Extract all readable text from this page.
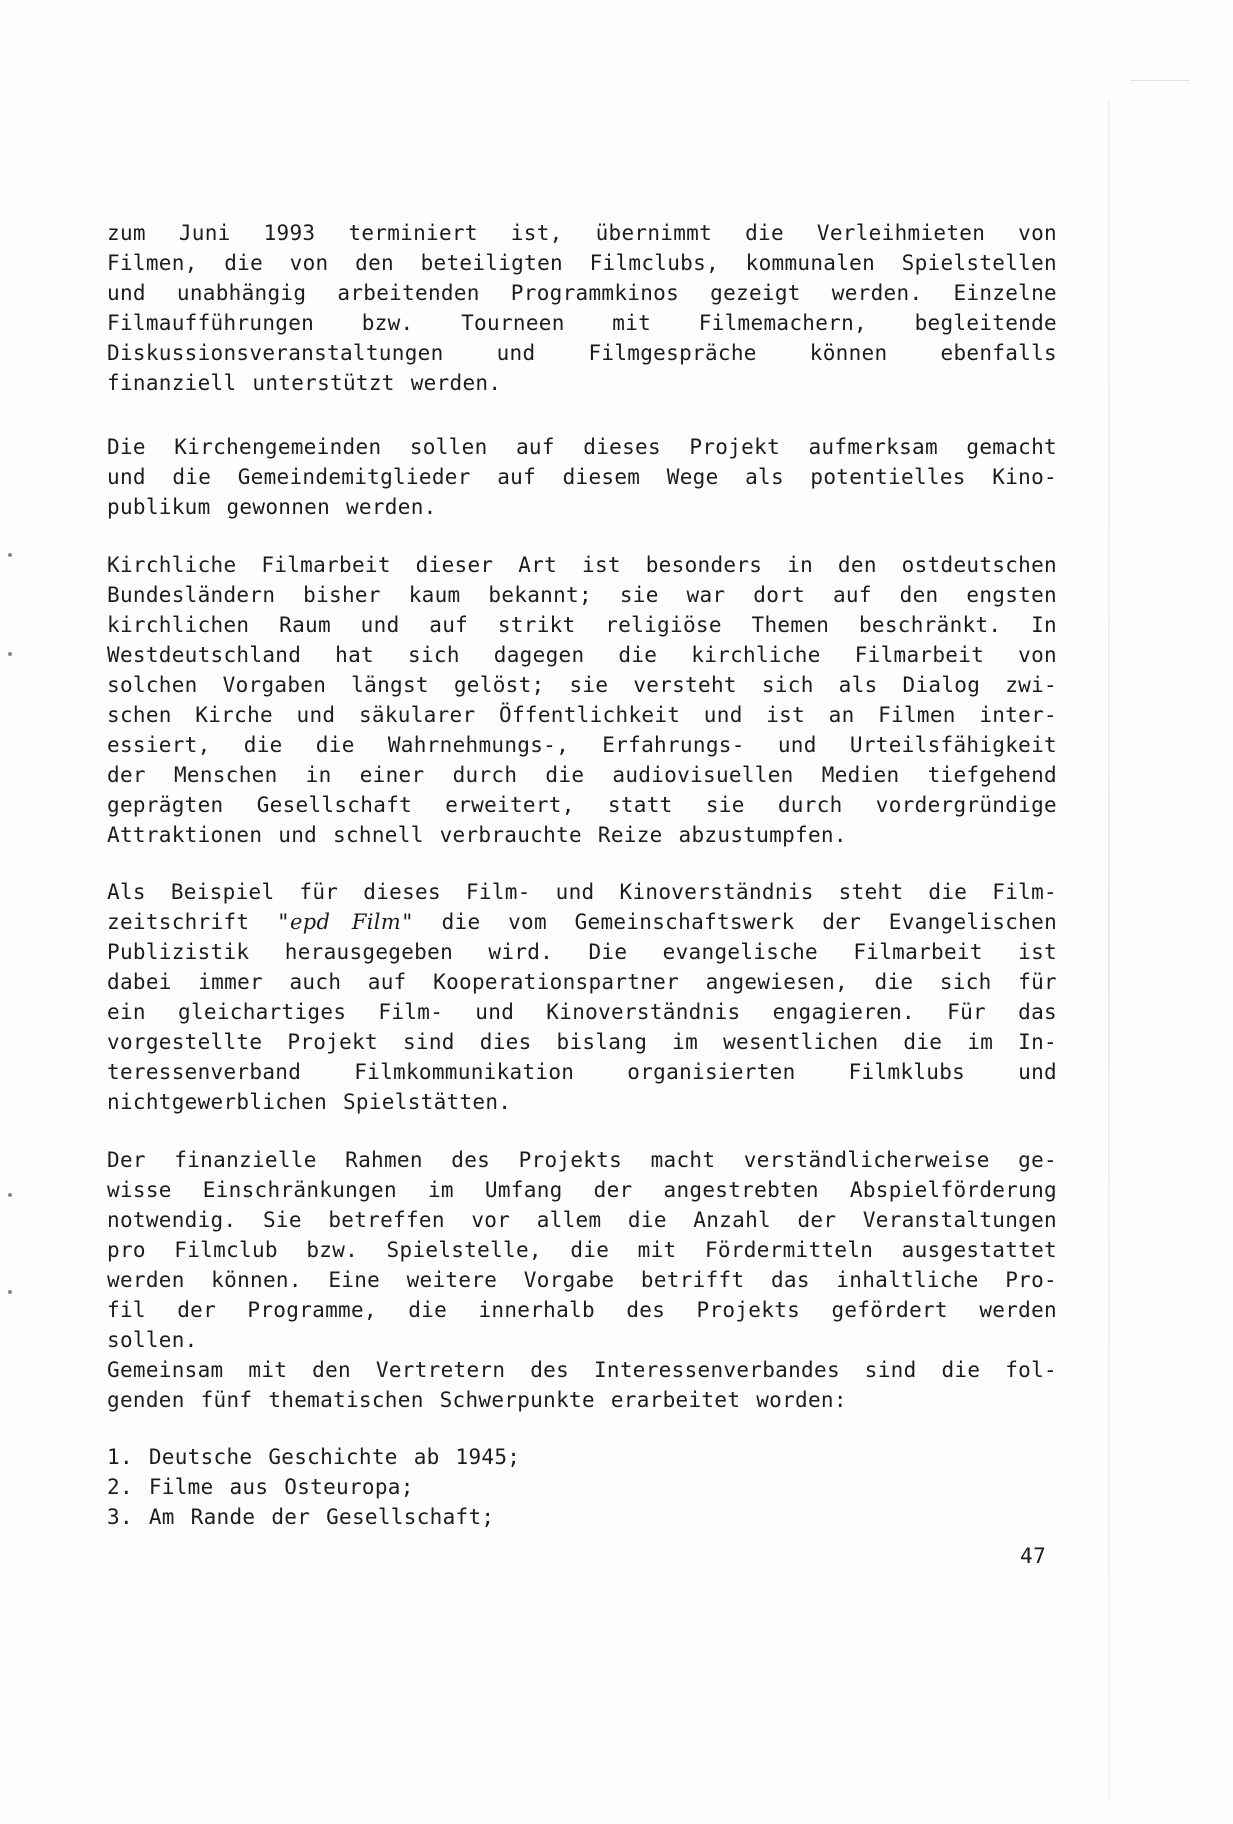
zum Juni 1993 terminiert ist, übernimmt die Verleihmieten von
Filmen, die von den beteiligten Filmclubs, kommunalen Spielstellen
und unabhängig arbeitenden Programmkinos gezeigt werden. Einzelne
Filmaufführungen bzw. Tourneen mit Filmemachern, begleitende
Diskussionsveranstaltungen und Filmgespräche können ebenfalls
finanziell unterstützt werden.
Die Kirchengemeinden sollen auf dieses Projekt aufmerksam gemacht
und die Gemeindemitglieder auf diesem Wege als potentielles Kino-
publikum gewonnen werden.
Kirchliche Filmarbeit dieser Art ist besonders in den ostdeutschen
Bundesländern bisher kaum bekannt; sie war dort auf den engsten
kirchlichen Raum und auf strikt religiöse Themen beschränkt. In
Westdeutschland hat sich dagegen die kirchliche Filmarbeit von
solchen Vorgaben längst gelöst; sie versteht sich als Dialog zwi-
schen Kirche und säkularer Öffentlichkeit und ist an Filmen inter-
essiert, die die Wahrnehmungs-, Erfahrungs- und Urteilsfähigkeit
der Menschen in einer durch die audiovisuellen Medien tiefgehend
geprägten Gesellschaft erweitert, statt sie durch vordergründige
Attraktionen und schnell verbrauchte Reize abzustumpfen.
Als Beispiel für dieses Film- und Kinoverständnis steht die Film-
zeitschrift "epd Film" die vom Gemeinschaftswerk der Evangelischen
Publizistik herausgegeben wird. Die evangelische Filmarbeit ist
dabei immer auch auf Kooperationspartner angewiesen, die sich für
ein gleichartiges Film- und Kinoverständnis engagieren. Für das
vorgestellte Projekt sind dies bislang im wesentlichen die im In-
teressenverband Filmkommunikation organisierten Filmklubs und
nichtgewerblichen Spielstätten.
Der finanzielle Rahmen des Projekts macht verständlicherweise ge-
wisse Einschränkungen im Umfang der angestrebten Abspielförderung
notwendig. Sie betreffen vor allem die Anzahl der Veranstaltungen
pro Filmclub bzw. Spielstelle, die mit Fördermitteln ausgestattet
werden können. Eine weitere Vorgabe betrifft das inhaltliche Pro-
fil der Programme, die innerhalb des Projekts gefördert werden
sollen.
Gemeinsam mit den Vertretern des Interessenverbandes sind die fol-
genden fünf thematischen Schwerpunkte erarbeitet worden:
1. Deutsche Geschichte ab 1945;
2. Filme aus Osteuropa;
3. Am Rande der Gesellschaft;
47
